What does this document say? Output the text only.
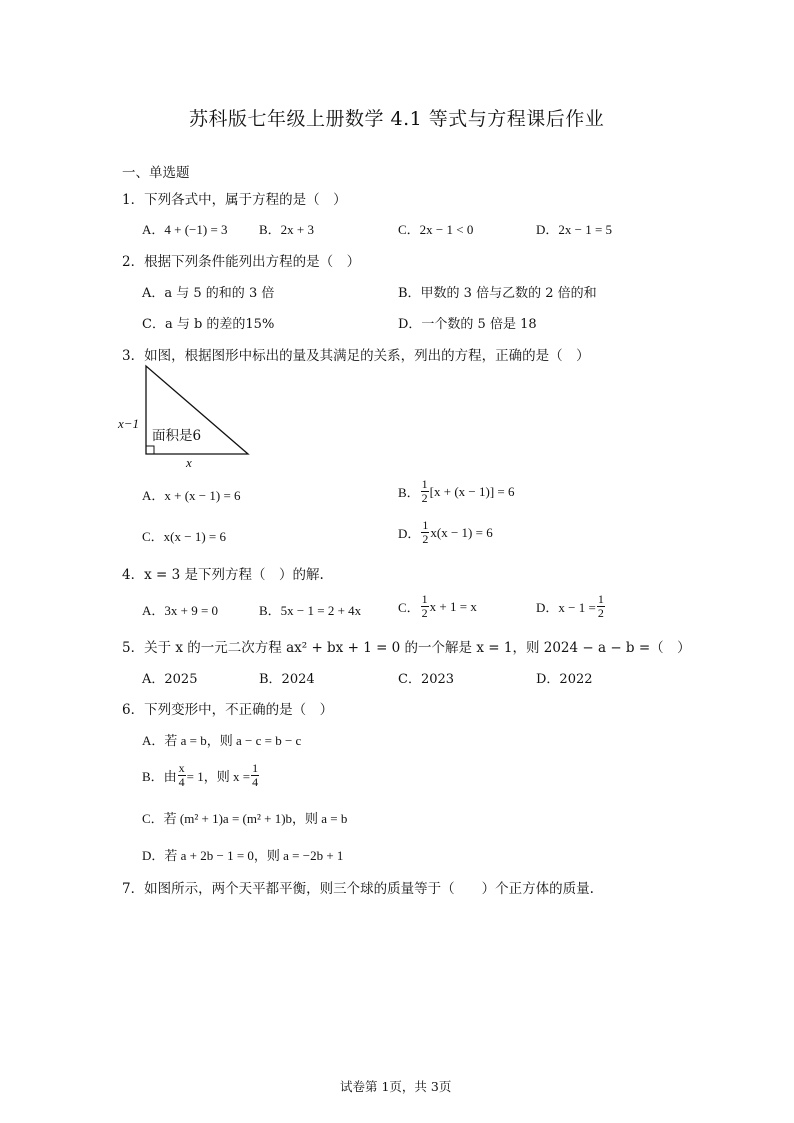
苏科版七年级上册数学 4.1 等式与方程课后作业
一、单选题
1．下列各式中，属于方程的是（　）
A．4 + (−1) = 3 B．2x + 3	C．2x − 1 < 0	D．2x − 1 = 5
2．根据下列条件能列出方程的是（　）
A．a 与 5 的和的 3 倍	B．甲数的 3 倍与乙数的 2 倍的和
C．a 与 b 的差的15%	D．一个数的 5 倍是 18
3．如图，根据图形中标出的量及其满足的关系，列出的方程，正确的是（　）
x−1
x
面积是6
A．x + (x − 1) = 6	B． $\frac{1}{2} [x + (x - 1)] = 6$
C．x(x − 1) = 6	D． $\frac{1}{2} x(x - 1) = 6$
4．x = 3 是下列方程（　）的解.
A．3x + 9 = 0	B．5x − 1 = 2 + 4x	C． $\frac{1}{2}$ x + 1 = x	D．$x - 1 = \frac{1}{2}$
5．关于 x 的一元二次方程 ax² + bx + 1 = 0 的一个解是 x = 1，则 2024 − a − b =（　）
A．2025	B．2024	C．2023	D．2022
6．下列变形中，不正确的是（　）
A．若 a = b，则 a − c = b − c
B．由 $\frac{x}{4} = 1$，则 $x = \frac{1}{4}$
C．若 (m² + 1)a = (m² + 1)b，则 a = b
D．若 a + 2b − 1 = 0，则 a = −2b + 1
7．如图所示，两个天平都平衡，则三个球的质量等于（　　）个正方体的质量.
试卷第 1页，共 3页
